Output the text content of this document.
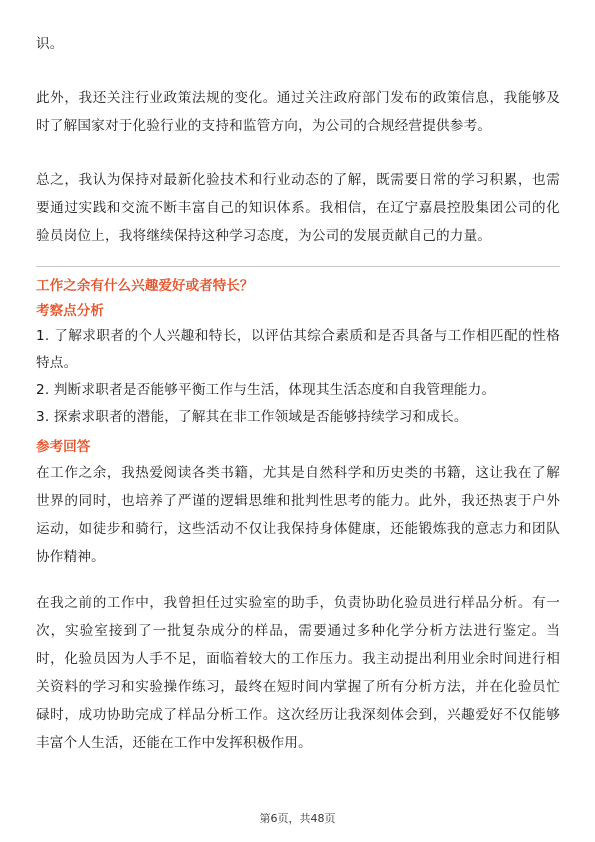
识。

此外，我还关注行业政策法规的变化。通过关注政府部门发布的政策信息，我能够及时了解国家对于化验行业的支持和监管方向，为公司的合规经营提供参考。

总之，我认为保持对最新化验技术和行业动态的了解，既需要日常的学习积累，也需要通过实践和交流不断丰富自己的知识体系。我相信，在辽宁嘉晨控股集团公司的化验员岗位上，我将继续保持这种学习态度，为公司的发展贡献自己的力量。

工作之余有什么兴趣爱好或者特长？

考察点分析

1. 了解求职者的个人兴趣和特长，以评估其综合素质和是否具备与工作相匹配的性格特点。

2. 判断求职者是否能够平衡工作与生活，体现其生活态度和自我管理能力。

3. 探索求职者的潜能，了解其在非工作领域是否能够持续学习和成长。

参考回答

在工作之余，我热爱阅读各类书籍，尤其是自然科学和历史类的书籍，这让我在了解世界的同时，也培养了严谨的逻辑思维和批判性思考的能力。此外，我还热衷于户外运动，如徒步和骑行，这些活动不仅让我保持身体健康，还能锻炼我的意志力和团队协作精神。

在我之前的工作中，我曾担任过实验室的助手，负责协助化验员进行样品分析。有一次，实验室接到了一批复杂成分的样品，需要通过多种化学分析方法进行鉴定。当时，化验员因为人手不足，面临着较大的工作压力。我主动提出利用业余时间进行相关资料的学习和实验操作练习，最终在短时间内掌握了所有分析方法，并在化验员忙碌时，成功协助完成了样品分析工作。这次经历让我深刻体会到，兴趣爱好不仅能够丰富个人生活，还能在工作中发挥积极作用。

第6页，共48页
